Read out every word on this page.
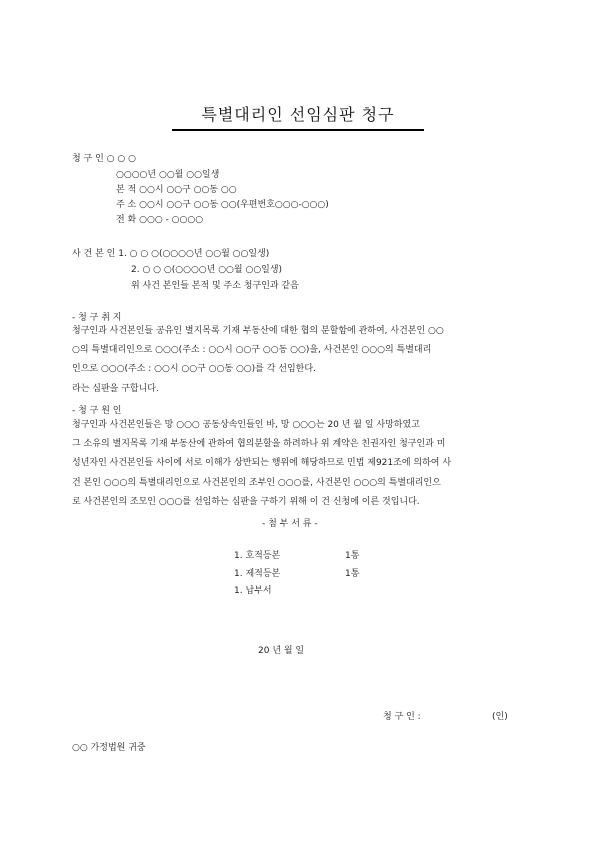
특별대리인 선임심판 청구
청 구 인 ○ ○ ○
○○○○년 ○○월 ○○일생
본 적 ○○시 ○○구 ○○동 ○○
주 소 ○○시 ○○구 ○○동 ○○(우편번호○○○-○○○)
전 화 ○○○ - ○○○○
사 건 본 인 1. ○ ○ ○(○○○○년 ○○월 ○○일생)
2. ○ ○ ○(○○○○년 ○○월 ○○일생)
위 사건 본인들 본적 및 주소 청구인과 같음
- 청 구 취 지
청구인과 사건본인들 공유인 별지목록 기재 부동산에 대한 협의 분할함에 관하여, 사건본인 ○○
○의 특별대리인으로 ○○○(주소 : ○○시 ○○구 ○○동 ○○)을, 사건본인 ○○○의 특별대리
인으로 ○○○(주소 : ○○시 ○○구 ○○동 ○○)를 각 선임한다.
라는 심판을 구합니다.
- 청 구 원 인
청구인과 사건본인들은 망 ○○○ 공동상속인들인 바, 망 ○○○는 20 년 월 일 사망하였고
그 소유의 별지목록 기재 부동산에 관하여 협의분할을 하려하나 위 계약은 친권자인 청구인과 미
성년자인 사건본인들 사이에 서로 이해가 상반되는 행위에 해당하므로 민법 제921조에 의하여 사
건 본인 ○○○의 특별대리인으로 사건본인의 조부인 ○○○를, 사건본인 ○○○의 특별대리인으
로 사건본인의 조모인 ○○○를 선임하는 심판을 구하기 위해 이 건 신청에 이른 것입니다.
- 첨 부 서 류 -
1. 호적등본	1통
1. 제적등본	1통
1. 납부서
20 년 월 일
청 구 인 :	(인)
○○ 가정법원 귀중
